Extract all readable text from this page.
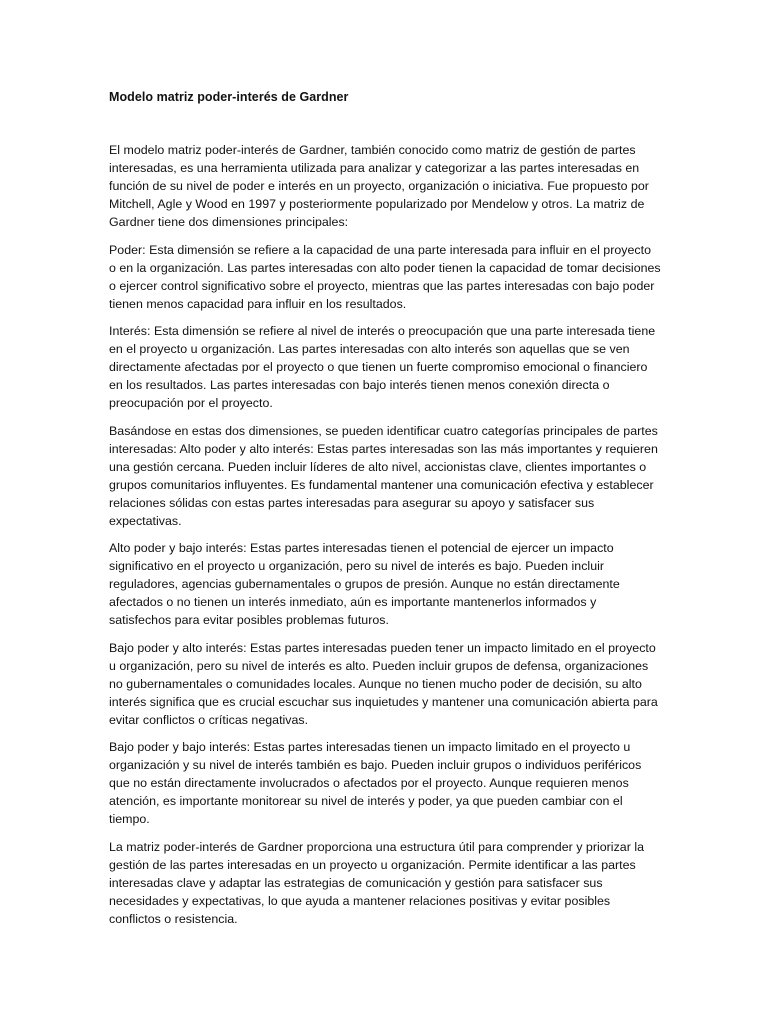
Modelo matriz poder-interés de Gardner

El modelo matriz poder-interés de Gardner, también conocido como matriz de gestión de partes interesadas, es una herramienta utilizada para analizar y categorizar a las partes interesadas en función de su nivel de poder e interés en un proyecto, organización o iniciativa. Fue propuesto por Mitchell, Agle y Wood en 1997 y posteriormente popularizado por Mendelow y otros. La matriz de Gardner tiene dos dimensiones principales:

Poder: Esta dimensión se refiere a la capacidad de una parte interesada para influir en el proyecto o en la organización. Las partes interesadas con alto poder tienen la capacidad de tomar decisiones o ejercer control significativo sobre el proyecto, mientras que las partes interesadas con bajo poder tienen menos capacidad para influir en los resultados.

Interés: Esta dimensión se refiere al nivel de interés o preocupación que una parte interesada tiene en el proyecto u organización. Las partes interesadas con alto interés son aquellas que se ven directamente afectadas por el proyecto o que tienen un fuerte compromiso emocional o financiero en los resultados. Las partes interesadas con bajo interés tienen menos conexión directa o preocupación por el proyecto.

Basándose en estas dos dimensiones, se pueden identificar cuatro categorías principales de partes interesadas: Alto poder y alto interés: Estas partes interesadas son las más importantes y requieren una gestión cercana. Pueden incluir líderes de alto nivel, accionistas clave, clientes importantes o grupos comunitarios influyentes. Es fundamental mantener una comunicación efectiva y establecer relaciones sólidas con estas partes interesadas para asegurar su apoyo y satisfacer sus expectativas.

Alto poder y bajo interés: Estas partes interesadas tienen el potencial de ejercer un impacto significativo en el proyecto u organización, pero su nivel de interés es bajo. Pueden incluir reguladores, agencias gubernamentales o grupos de presión. Aunque no están directamente afectados o no tienen un interés inmediato, aún es importante mantenerlos informados y satisfechos para evitar posibles problemas futuros.

Bajo poder y alto interés: Estas partes interesadas pueden tener un impacto limitado en el proyecto u organización, pero su nivel de interés es alto. Pueden incluir grupos de defensa, organizaciones no gubernamentales o comunidades locales. Aunque no tienen mucho poder de decisión, su alto interés significa que es crucial escuchar sus inquietudes y mantener una comunicación abierta para evitar conflictos o críticas negativas.

Bajo poder y bajo interés: Estas partes interesadas tienen un impacto limitado en el proyecto u organización y su nivel de interés también es bajo. Pueden incluir grupos o individuos periféricos que no están directamente involucrados o afectados por el proyecto. Aunque requieren menos atención, es importante monitorear su nivel de interés y poder, ya que pueden cambiar con el tiempo.

La matriz poder-interés de Gardner proporciona una estructura útil para comprender y priorizar la gestión de las partes interesadas en un proyecto u organización. Permite identificar a las partes interesadas clave y adaptar las estrategias de comunicación y gestión para satisfacer sus necesidades y expectativas, lo que ayuda a mantener relaciones positivas y evitar posibles conflictos o resistencia.
